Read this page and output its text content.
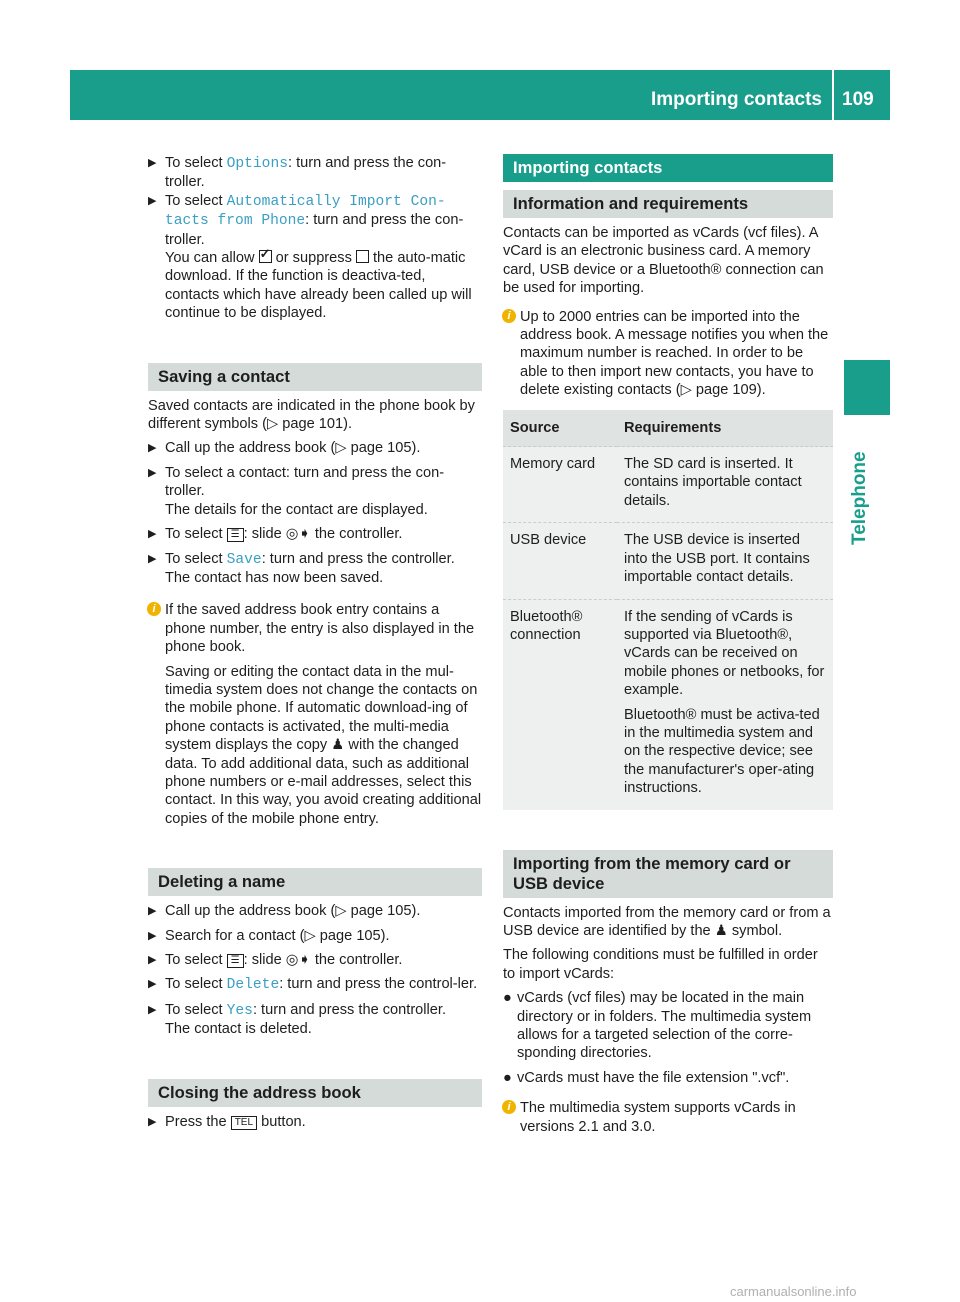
Importing contacts 109
Telephone
▶ To select Options: turn and press the con-troller.
▶ To select Automatically Import Con-tacts from Phone: turn and press the con-troller.

You can allow ✓ or suppress  the auto-matic download. If the function is deactiva-ted, contacts which have already been called up will continue to be displayed.

Saving a contact

Saved contacts are indicated in the phone book by different symbols (▷ page 101).

▶ Call up the address book (▷ page 105).
▶ To select a contact: turn and press the con-troller.

The details for the contact are displayed.

▶ To select ☰ : slide ◎➧ the controller.
▶ To select Save: turn and press the controller.

The contact has now been saved.

i If the saved address book entry contains a phone number, the entry is also displayed in the phone book.

Saving or editing the contact data in the mul-timedia system does not change the contacts on the mobile phone. If automatic download-ing of phone contacts is activated, the multi-media system displays the copy ♟ with the changed data. To add additional data, such as additional phone numbers or e-mail addresses, select this contact. In this way, you avoid creating additional copies of the mobile phone entry.

Deleting a name
▶ Call up the address book (▷ page 105).
▶ Search for a contact (▷ page 105).
▶ To select ☰ : slide ◎➧ the controller.
▶ To select Delete: turn and press the control-ler.
▶ To select Yes: turn and press the controller.

The contact is deleted.

Closing the address book
▶ Press the TEL button.
Importing contacts
Information and requirements

Contacts can be imported as vCards (vcf files). A vCard is an electronic business card. A memory card, USB device or a Bluetooth® connection can be used for importing.

i Up to 2000 entries can be imported into the address book. A message notifies you when the maximum number is reached. In order to be able to then import new contacts, you have to delete existing contacts (▷ page 109).

Source	Requirements
Memory card	The SD card is inserted. It contains importable contact details.

USB device	The USB device is inserted into the USB port. It contains importable contact details.

Bluetooth® connection	If the sending of vCards is supported via Bluetooth®, vCards can be received on mobile phones or netbooks, for example.

Bluetooth® must be activa-ted in the multimedia system and on the respective device; see the manufacturer's oper-ating instructions.

Importing from the memory card or USB device

Contacts imported from the memory card or from a USB device are identified by the ♟ symbol.

The following conditions must be fulfilled in order to import vCards:

● vCards (vcf files) may be located in the main directory or in folders. The multimedia system allows for a targeted selection of the corre-sponding directories.
● vCards must have the file extension ".vcf".
i The multimedia system supports vCards in versions 2.1 and 3.0.

carmanualsonline.info
